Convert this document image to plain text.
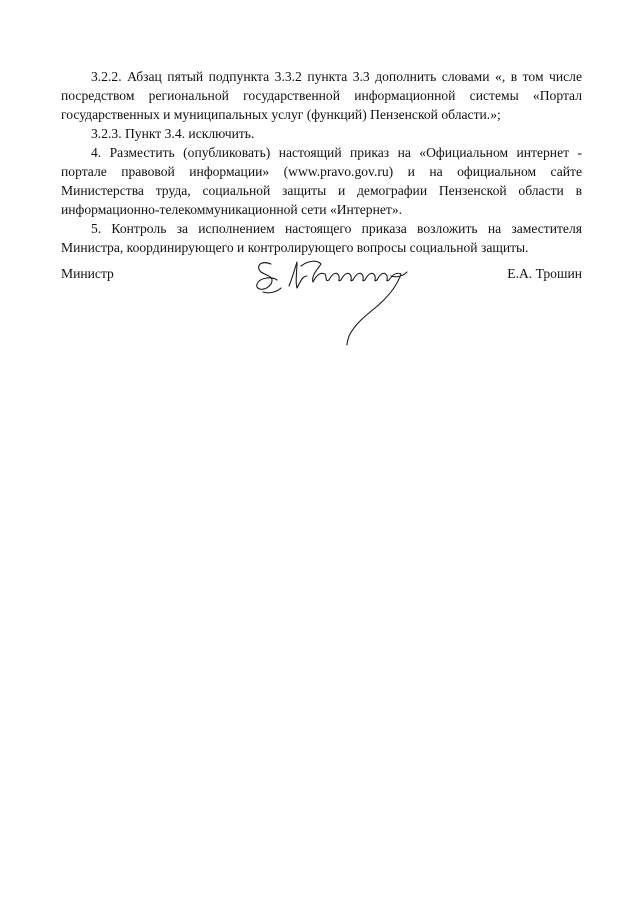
3.2.2. Абзац пятый подпункта 3.3.2 пункта 3.3 дополнить словами «, в том числе посредством региональной государственной информационной системы «Портал государственных и муниципальных услуг (функций) Пензенской области.»;

3.2.3. Пункт 3.4. исключить.

4. Разместить (опубликовать) настоящий приказ на «Официальном интернет - портале правовой информации» (www.pravo.gov.ru) и на официальном сайте Министерства труда, социальной защиты и демографии Пензенской области в информационно-телекоммуникационной сети «Интернет».

5. Контроль за исполнением настоящего приказа возложить на заместителя Министра, координирующего и контролирующего вопросы социальной защиты.

Министр	Е.А. Трошин
